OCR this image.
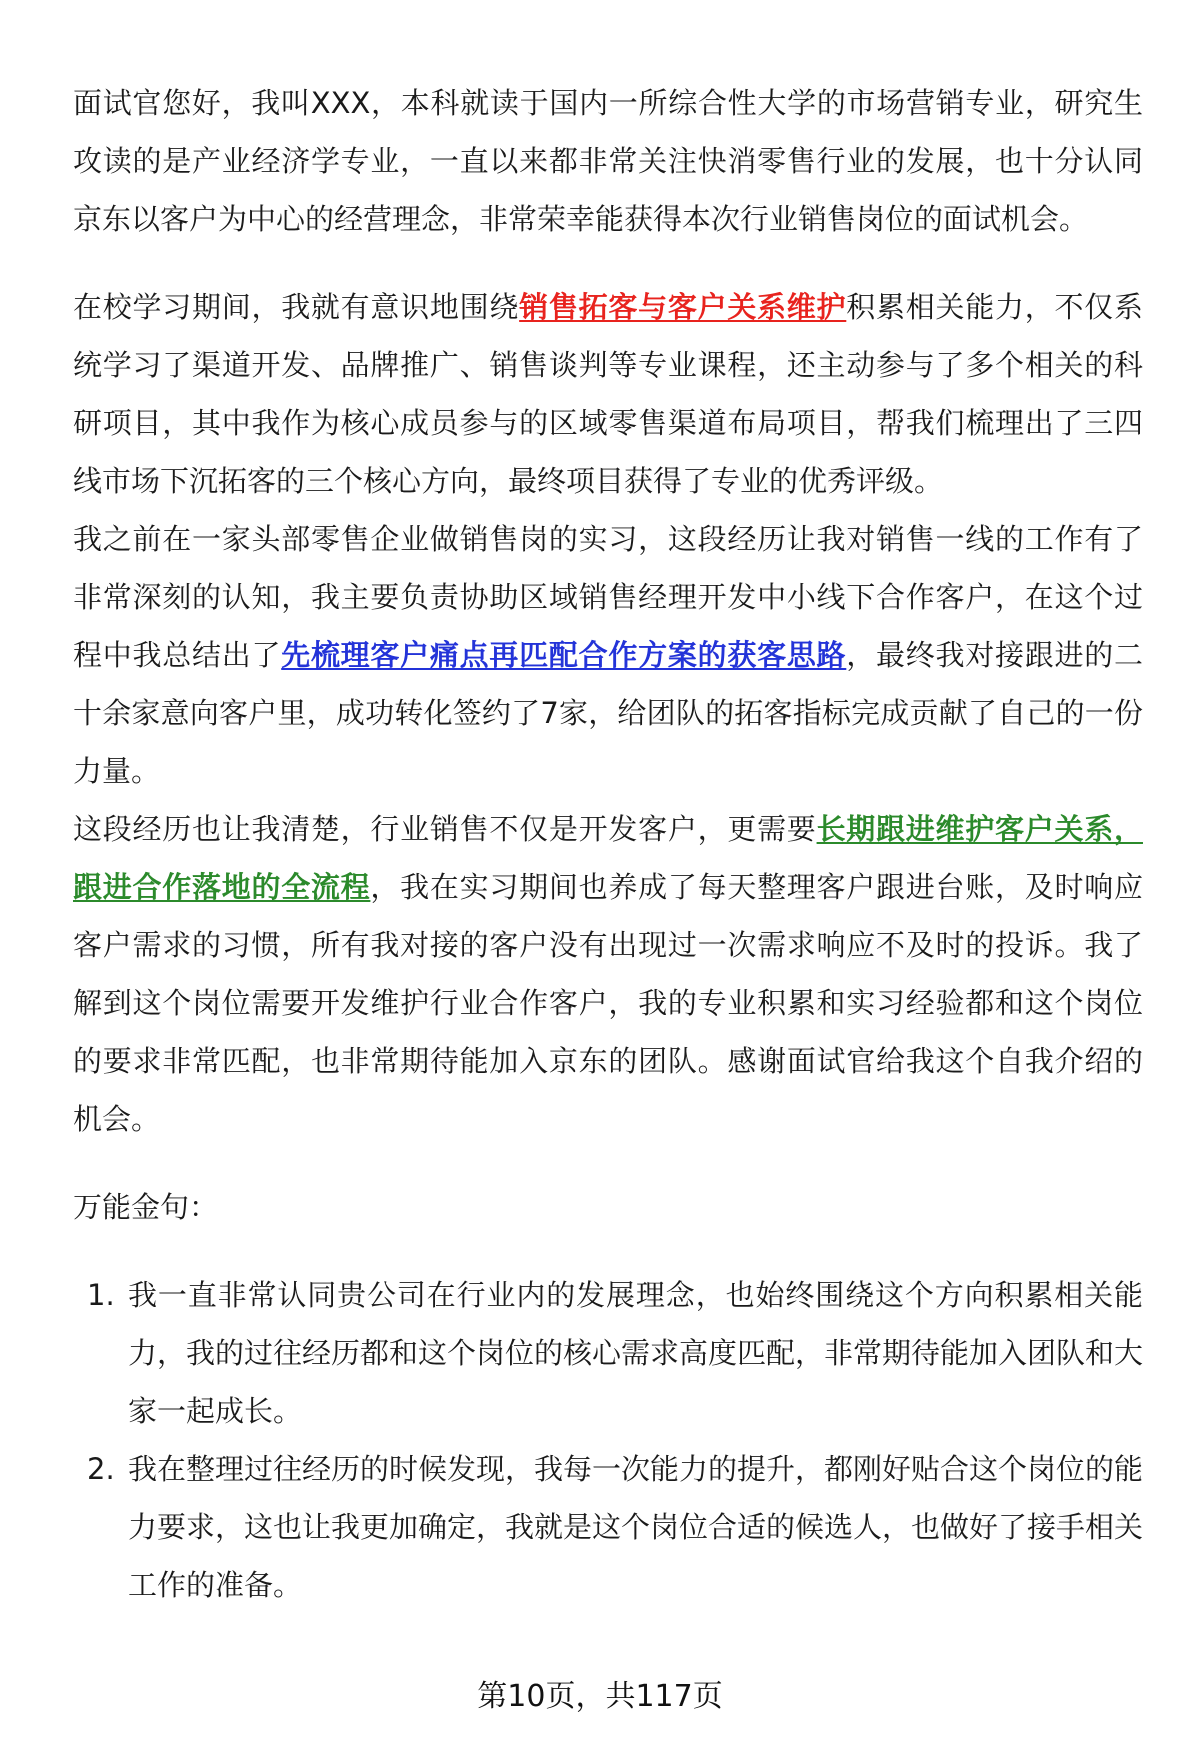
面试官您好，我叫XXX，本科就读于国内一所综合性大学的市场营销专业，研究生攻读的是产业经济学专业，一直以来都非常关注快消零售行业的发展，也十分认同京东以客户为中心的经营理念，非常荣幸能获得本次行业销售岗位的面试机会。

在校学习期间，我就有意识地围绕销售拓客与客户关系维护积累相关能力，不仅系统学习了渠道开发、品牌推广、销售谈判等专业课程，还主动参与了多个相关的科研项目，其中我作为核心成员参与的区域零售渠道布局项目，帮我们梳理出了三四线市场下沉拓客的三个核心方向，最终项目获得了专业的优秀评级。

我之前在一家头部零售企业做销售岗的实习，这段经历让我对销售一线的工作有了非常深刻的认知，我主要负责协助区域销售经理开发中小线下合作客户，在这个过程中我总结出了先梳理客户痛点再匹配合作方案的获客思路，最终我对接跟进的二十余家意向客户里，成功转化签约了7家，给团队的拓客指标完成贡献了自己的一份力量。

这段经历也让我清楚，行业销售不仅是开发客户，更需要长期跟进维护客户关系，跟进合作落地的全流程，我在实习期间也养成了每天整理客户跟进台账，及时响应客户需求的习惯，所有我对接的客户没有出现过一次需求响应不及时的投诉。我了解到这个岗位需要开发维护行业合作客户，我的专业积累和实习经验都和这个岗位的要求非常匹配，也非常期待能加入京东的团队。感谢面试官给我这个自我介绍的机会。

万能金句：

1. 我一直非常认同贵公司在行业内的发展理念，也始终围绕这个方向积累相关能力，我的过往经历都和这个岗位的核心需求高度匹配，非常期待能加入团队和大家一起成长。
2. 我在整理过往经历的时候发现，我每一次能力的提升，都刚好贴合这个岗位的能力要求，这也让我更加确定，我就是这个岗位合适的候选人，也做好了接手相关工作的准备。
第10页，共117页
